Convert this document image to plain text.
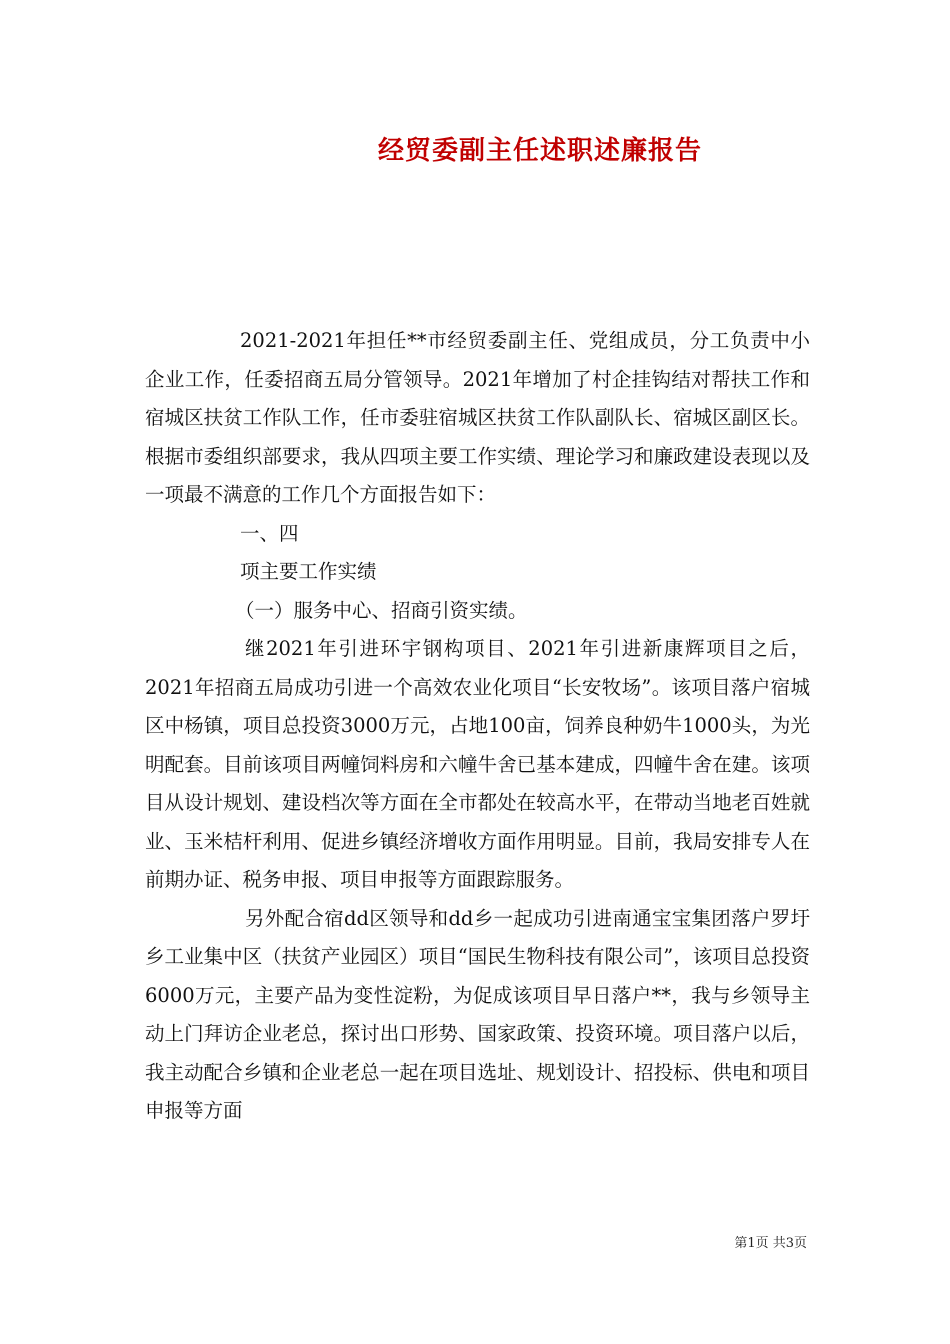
经贸委副主任述职述廉报告

2021-2021年担任**市经贸委副主任、党组成员，分工负责中小企业工作，任委招商五局分管领导。2021年增加了村企挂钩结对帮扶工作和宿城区扶贫工作队工作，任市委驻宿城区扶贫工作队副队长、宿城区副区长。根据市委组织部要求，我从四项主要工作实绩、理论学习和廉政建设表现以及一项最不满意的工作几个方面报告如下：

一、四

项主要工作实绩

（一）服务中心、招商引资实绩。

继2021年引进环宇钢构项目、2021年引进新康辉项目之后，2021年招商五局成功引进一个高效农业化项目“长安牧场”。该项目落户宿城区中杨镇，项目总投资3000万元，占地100亩，饲养良种奶牛1000头，为光明配套。目前该项目两幢饲料房和六幢牛舍已基本建成，四幢牛舍在建。该项目从设计规划、建设档次等方面在全市都处在较高水平，在带动当地老百姓就业、玉米桔杆利用、促进乡镇经济增收方面作用明显。目前，我局安排专人在前期办证、税务申报、项目申报等方面跟踪服务。

另外配合宿dd区领导和dd乡一起成功引进南通宝宝集团落户罗圩乡工业集中区（扶贫产业园区）项目“国民生物科技有限公司”，该项目总投资6000万元，主要产品为变性淀粉，为促成该项目早日落户**，我与乡领导主动上门拜访企业老总，探讨出口形势、国家政策、投资环境。项目落户以后，我主动配合乡镇和企业老总一起在项目选址、规划设计、招投标、供电和项目申报等方面

第1页 共3页
